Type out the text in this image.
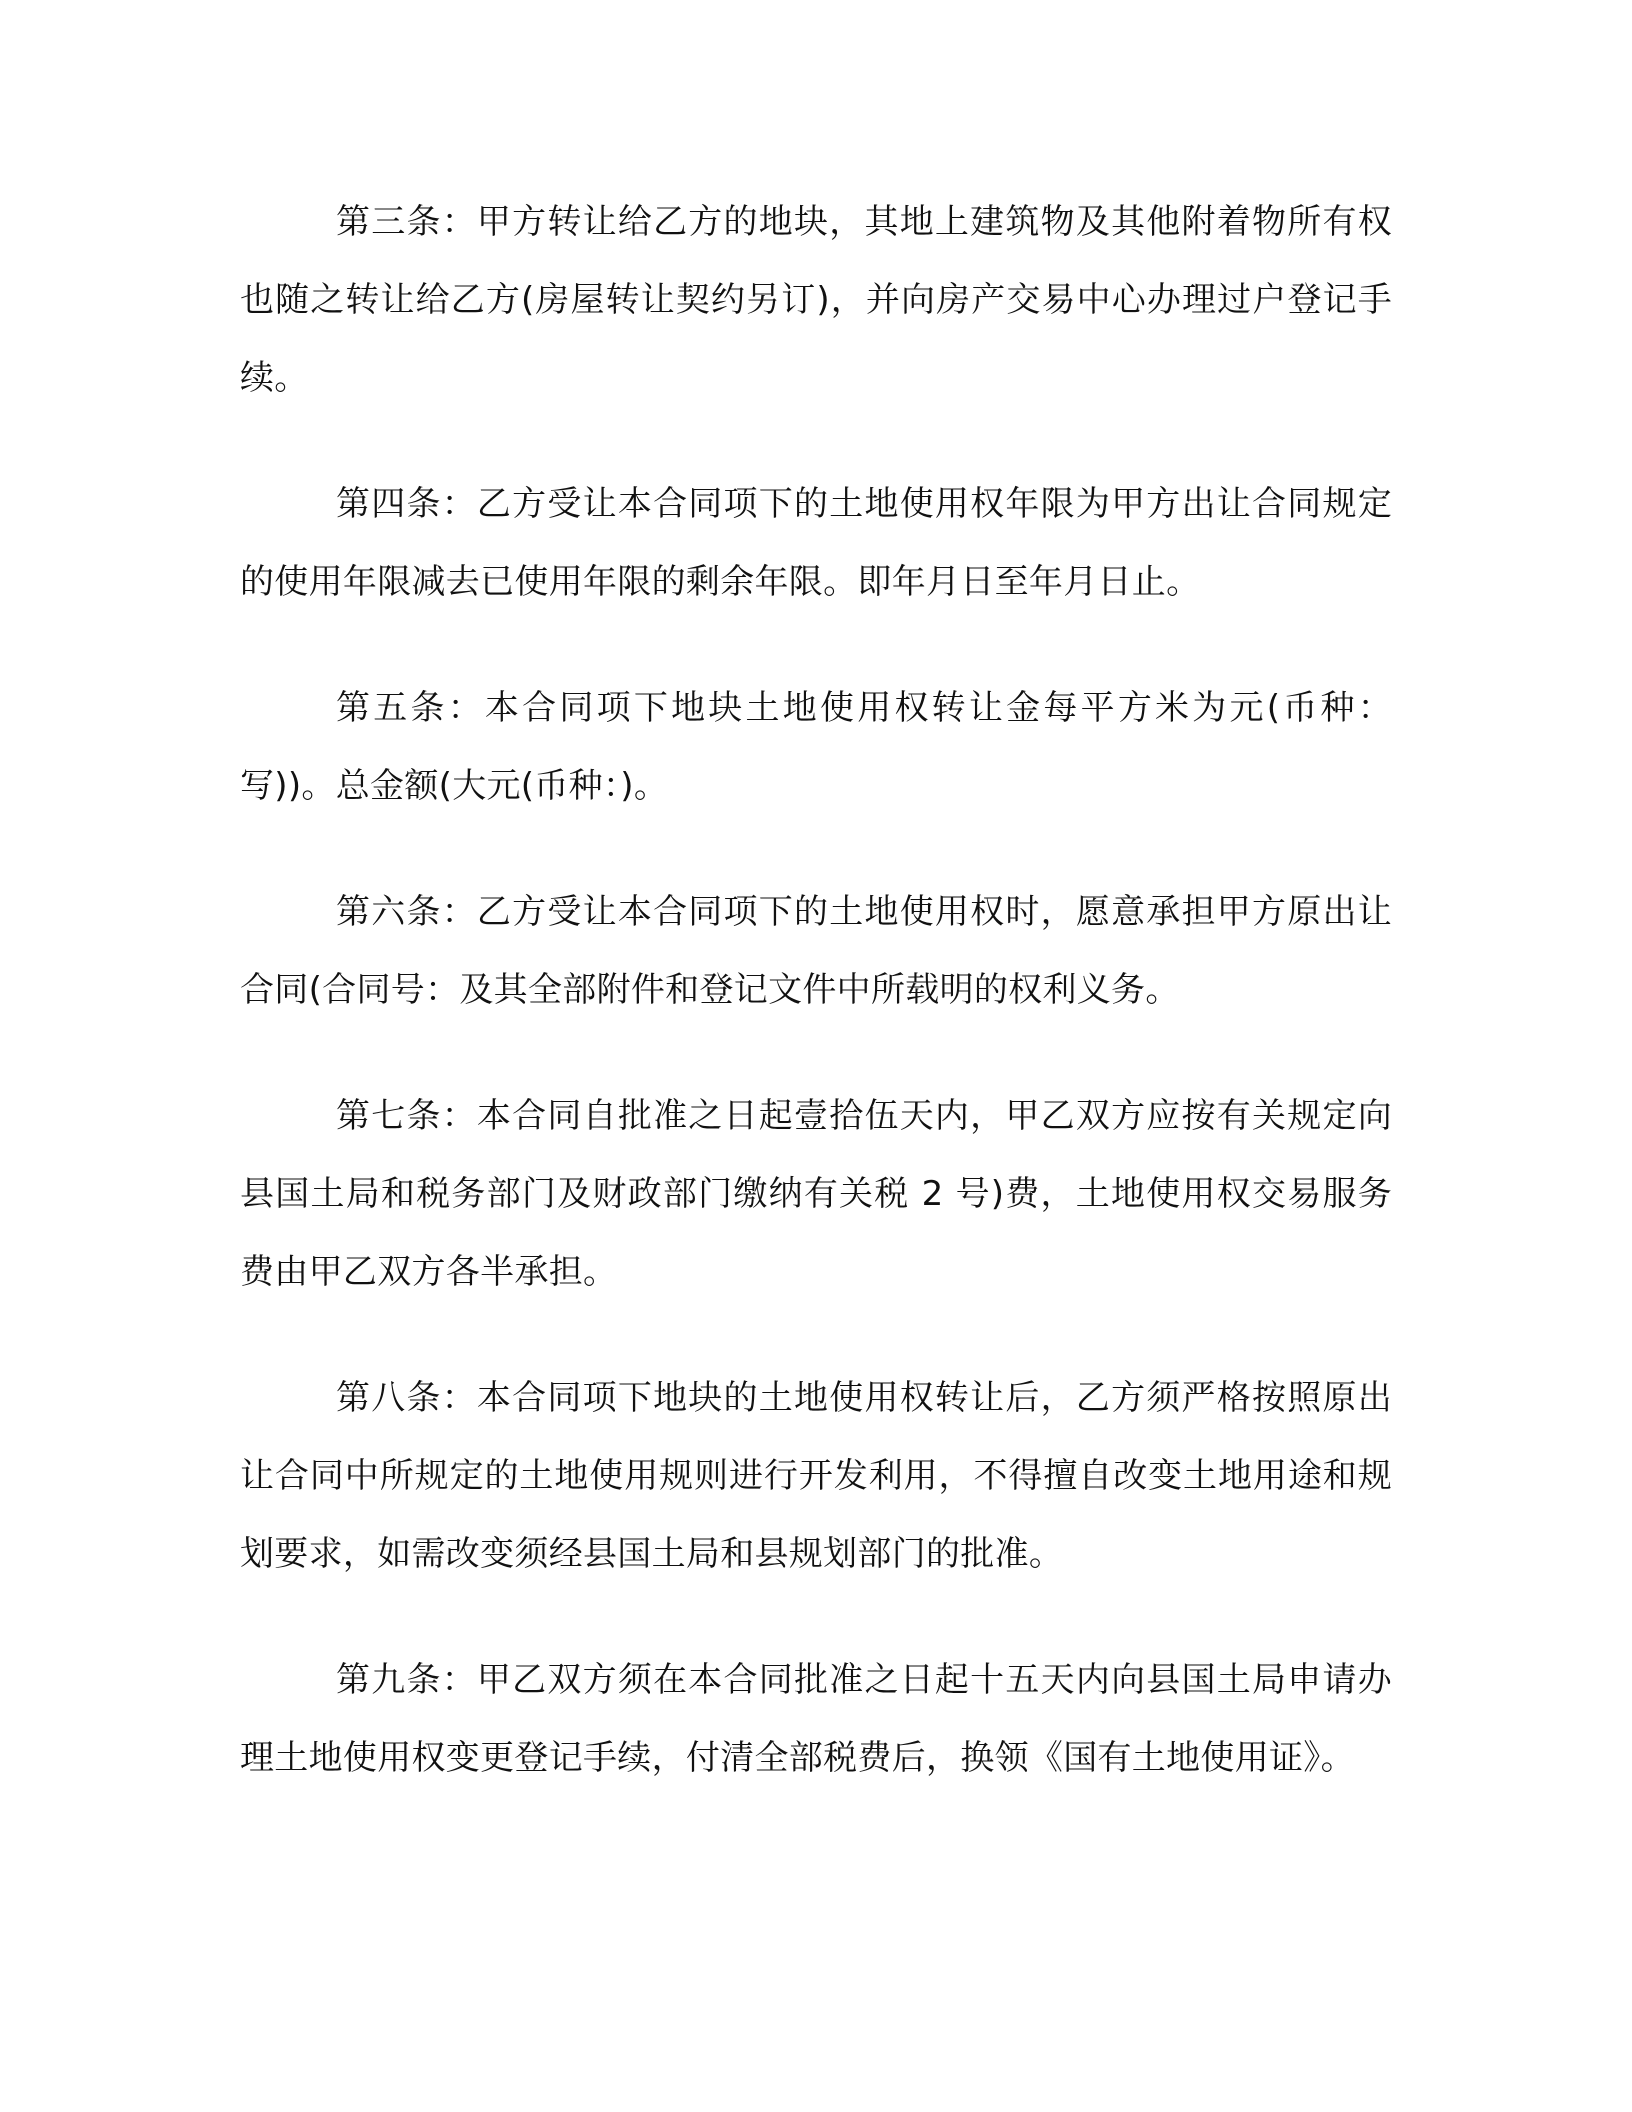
第三条：甲方转让给乙方的地块，其地上建筑物及其他附着物所有权也随之转让给乙方(房屋转让契约另订)，并向房产交易中心办理过户登记手续。

第四条：乙方受让本合同项下的土地使用权年限为甲方出让合同规定的使用年限减去已使用年限的剩余年限。即年月日至年月日止。

第五条：本合同项下地块土地使用权转让金每平方米为元(币种：写))。总金额(大元(币种：)。

第六条：乙方受让本合同项下的土地使用权时，愿意承担甲方原出让合同(合同号：及其全部附件和登记文件中所载明的权利义务。

第七条：本合同自批准之日起壹拾伍天内，甲乙双方应按有关规定向县国土局和税务部门及财政部门缴纳有关税 2 号)费，土地使用权交易服务费由甲乙双方各半承担。

第八条：本合同项下地块的土地使用权转让后，乙方须严格按照原出让合同中所规定的土地使用规则进行开发利用，不得擅自改变土地用途和规划要求，如需改变须经县国土局和县规划部门的批准。

第九条：甲乙双方须在本合同批准之日起十五天内向县国土局申请办理土地使用权变更登记手续，付清全部税费后，换领《国有土地使用证》。
